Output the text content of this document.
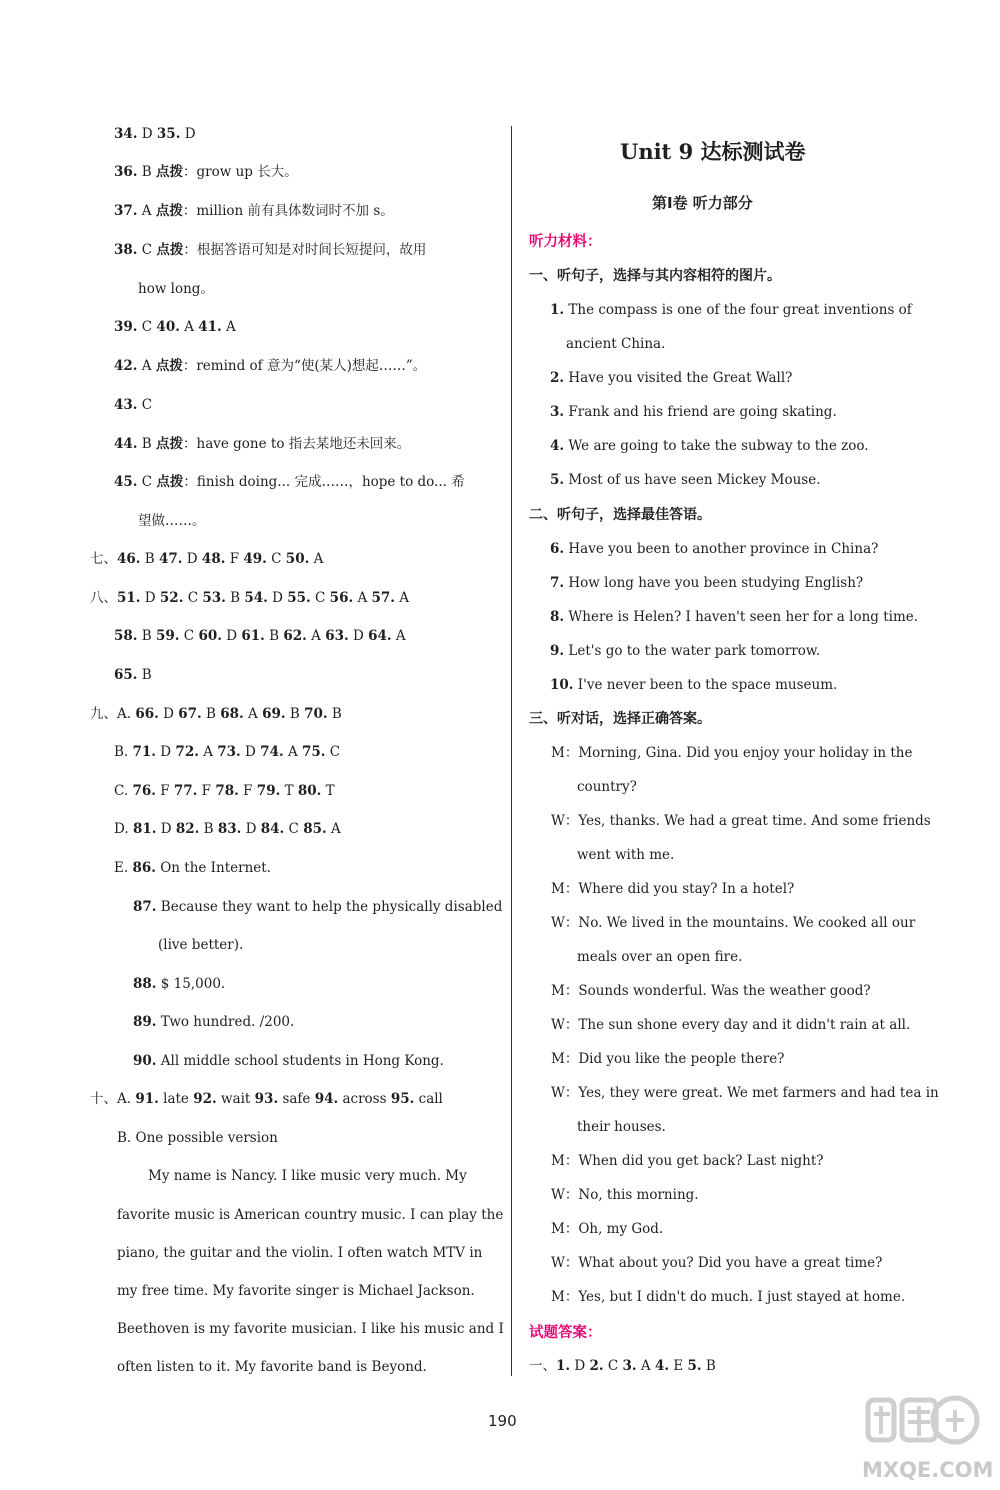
34. D 35. D
36. B 点拨：grow up 长大。
37. A 点拨：million 前有具体数词时不加 s。
38. C 点拨：根据答语可知是对时间长短提问，故用
how long。
39. C 40. A 41. A
42. A 点拨：remind of 意为“使(某人)想起……”。
43. C
44. B 点拨：have gone to 指去某地还未回来。
45. C 点拨：finish doing... 完成……，hope to do... 希
望做……。
七、46. B 47. D 48. F 49. C 50. A
八、51. D 52. C 53. B 54. D 55. C 56. A 57. A
58. B 59. C 60. D 61. B 62. A 63. D 64. A
65. B
九、A. 66. D 67. B 68. A 69. B 70. B
B. 71. D 72. A 73. D 74. A 75. C
C. 76. F 77. F 78. F 79. T 80. T
D. 81. D 82. B 83. D 84. C 85. A
E. 86. On the Internet.
87. Because they want to help the physically disabled
(live better).
88. $ 15,000.
89. Two hundred. /200.
90. All middle school students in Hong Kong.
十、A. 91. late 92. wait 93. safe 94. across 95. call
B. One possible version
My name is Nancy. I like music very much. My
favorite music is American country music. I can play the
piano, the guitar and the violin. I often watch MTV in
my free time. My favorite singer is Michael Jackson.
Beethoven is my favorite musician. I like his music and I
often listen to it. My favorite band is Beyond.
Unit 9 达标测试卷
第Ⅰ卷 听力部分
听力材料：
一、听句子，选择与其内容相符的图片。
1. The compass is one of the four great inventions of
ancient China.
2. Have you visited the Great Wall?
3. Frank and his friend are going skating.
4. We are going to take the subway to the zoo.
5. Most of us have seen Mickey Mouse.
二、听句子，选择最佳答语。
6. Have you been to another province in China?
7. How long have you been studying English?
8. Where is Helen? I haven't seen her for a long time.
9. Let's go to the water park tomorrow.
10. I've never been to the space museum.
三、听对话，选择正确答案。
M：Morning, Gina. Did you enjoy your holiday in the
country?
W：Yes, thanks. We had a great time. And some friends
went with me.
M：Where did you stay? In a hotel?
W：No. We lived in the mountains. We cooked all our
meals over an open fire.
M：Sounds wonderful. Was the weather good?
W：The sun shone every day and it didn't rain at all.
M：Did you like the people there?
W：Yes, they were great. We met farmers and had tea in
their houses.
M：When did you get back? Last night?
W：No, this morning.
M：Oh, my God.
W：What about you? Did you have a great time?
M：Yes, but I didn't do much. I just stayed at home.
试题答案：
一、1. D 2. C 3. A 4. E 5. B
190
MXQE.COM
